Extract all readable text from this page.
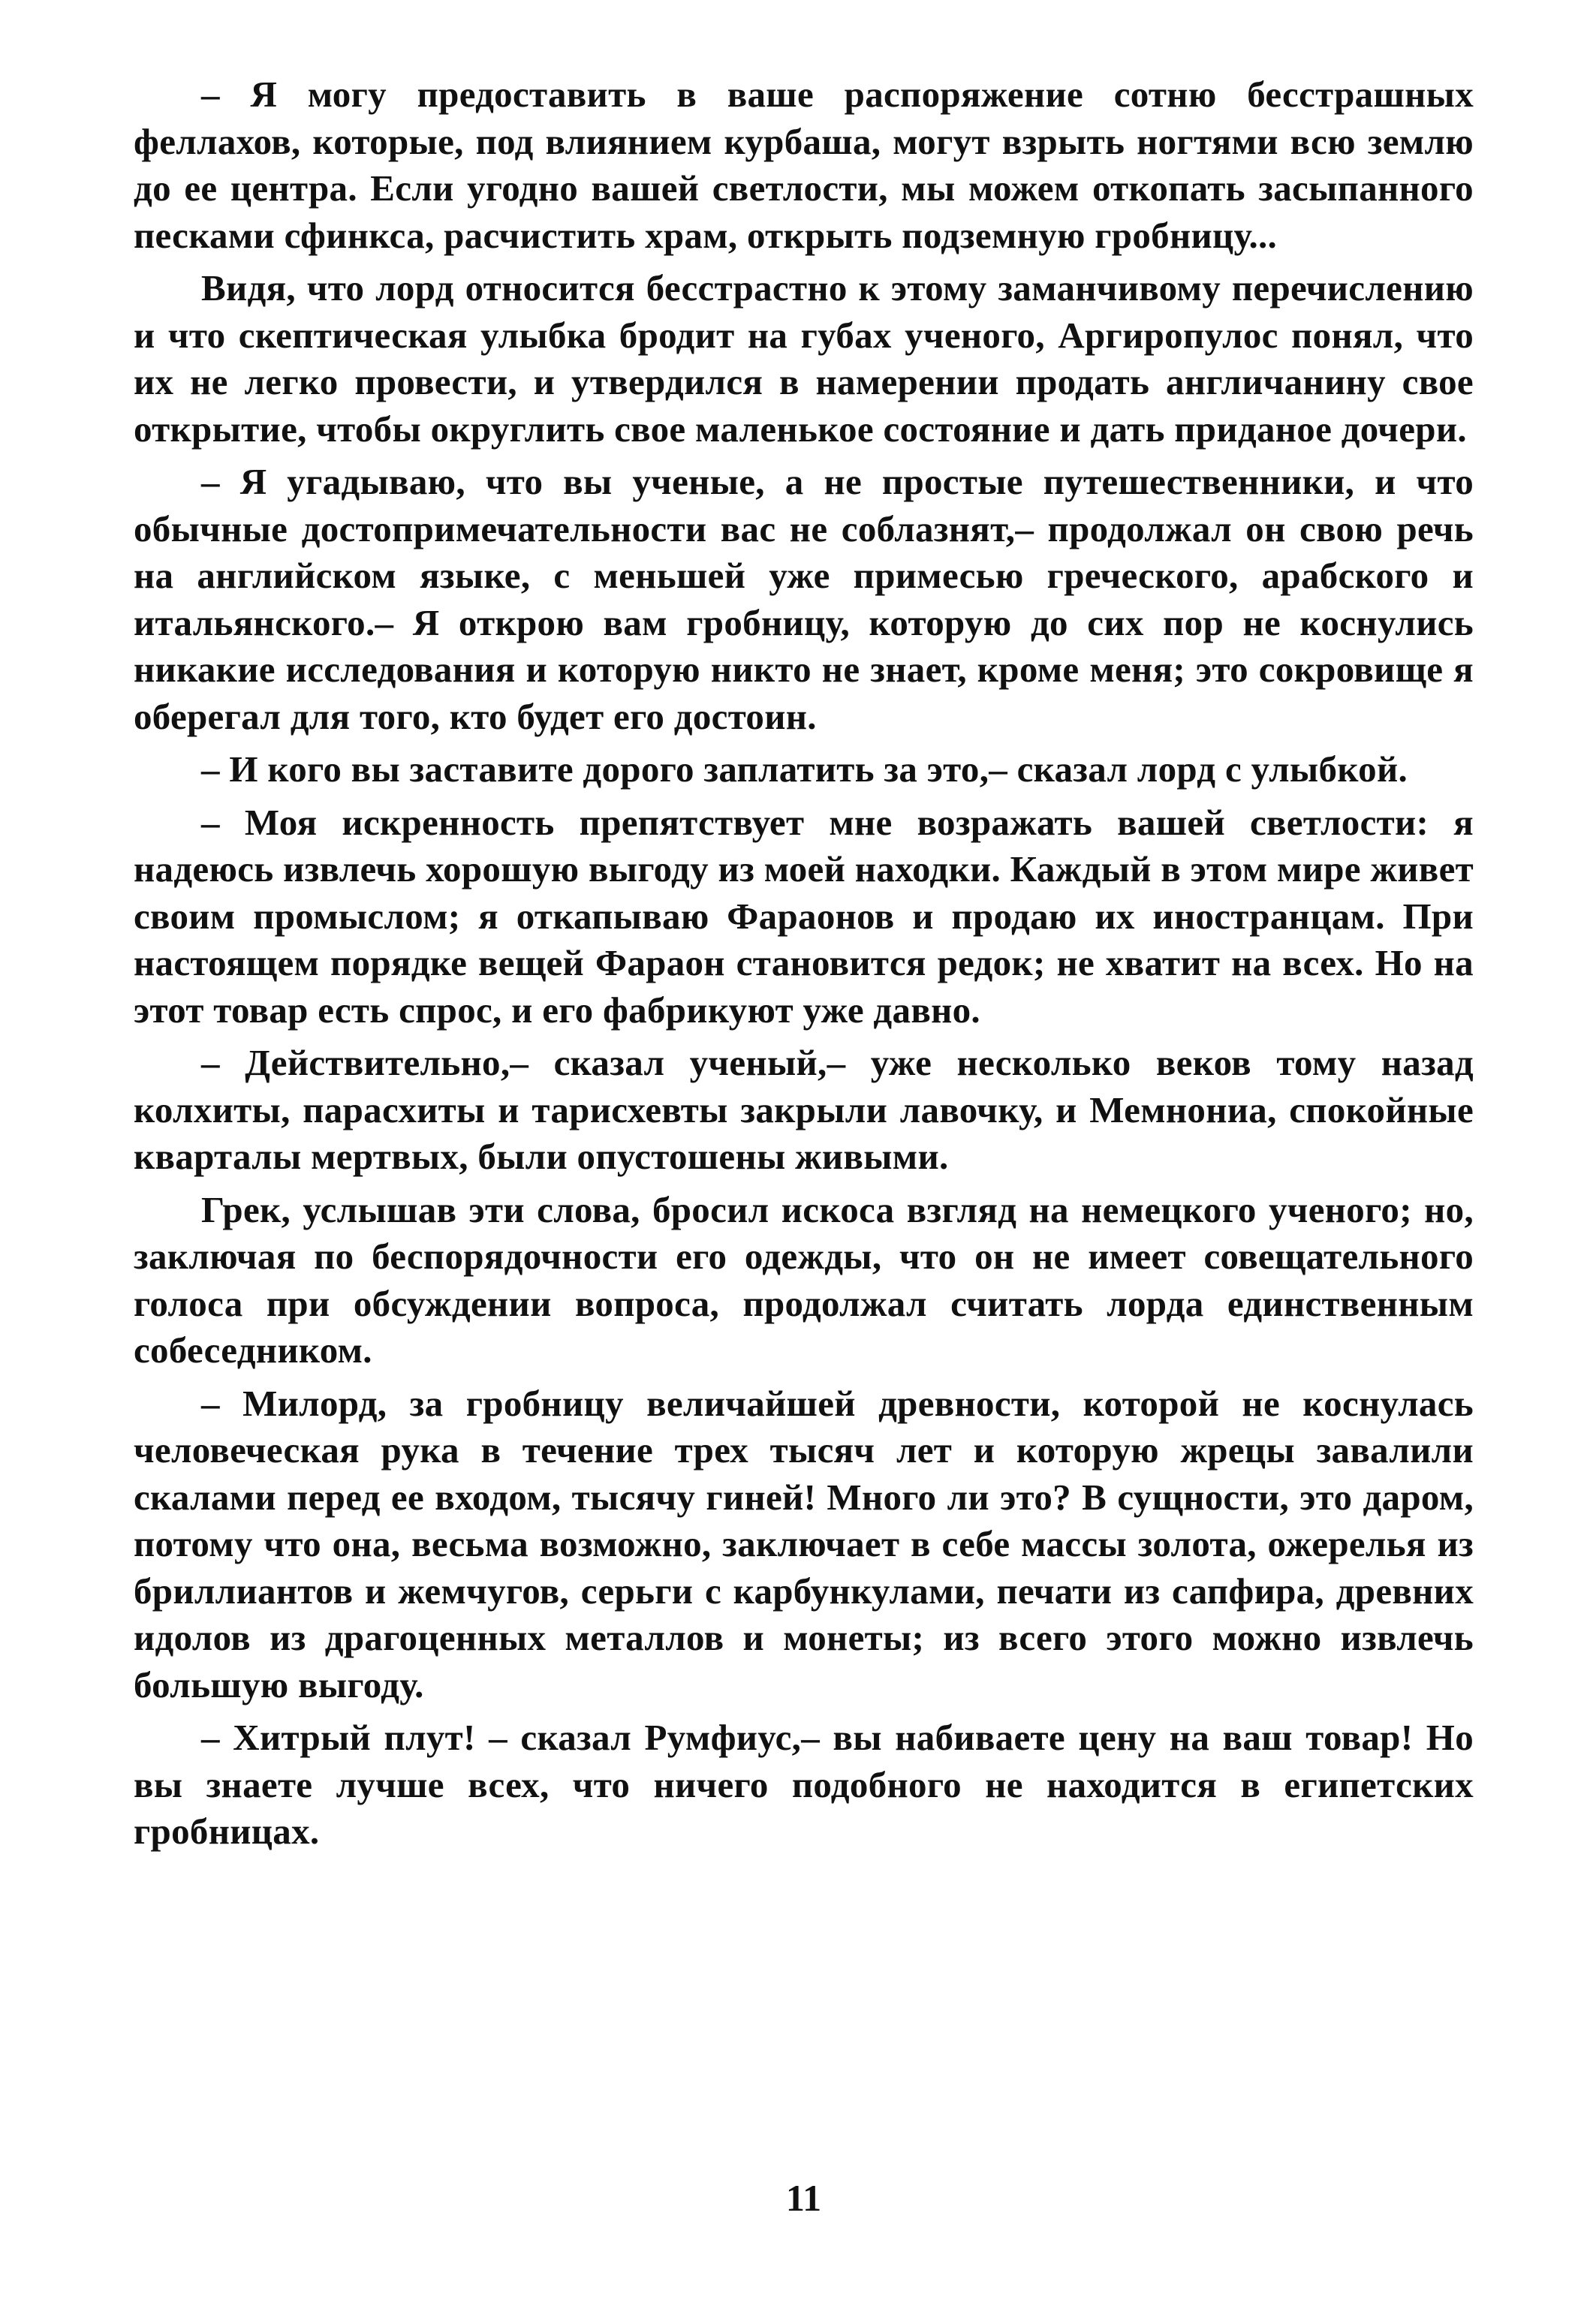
– Я могу предоставить в ваше распоряжение сотню бесстрашных феллахов, которые, под влиянием курбаша, могут взрыть ногтями всю землю до ее центра. Если угодно вашей светлости, мы можем откопать засыпанного песками сфинкса, расчистить храм, открыть подземную гробницу...

Видя, что лорд относится бесстрастно к этому заманчивому перечислению и что скептическая улыбка бродит на губах ученого, Аргиропулос понял, что их не легко провести, и утвердился в намерении продать англичанину свое открытие, чтобы округлить свое маленькое состояние и дать приданое дочери.

– Я угадываю, что вы ученые, а не простые путешественники, и что обычные достопримечательности вас не соблазнят,– продолжал он свою речь на английском языке, с меньшей уже примесью греческого, арабского и итальянского.– Я открою вам гробницу, которую до сих пор не коснулись никакие исследования и которую никто не знает, кроме меня; это сокровище я оберегал для того, кто будет его достоин.

– И кого вы заставите дорого заплатить за это,– сказал лорд с улыбкой.

– Моя искренность препятствует мне возражать вашей светлости: я надеюсь извлечь хорошую выгоду из моей находки. Каждый в этом мире живет своим промыслом; я откапываю Фараонов и продаю их иностранцам. При настоящем порядке вещей Фараон становится редок; не хватит на всех. Но на этот товар есть спрос, и его фабрикуют уже давно.

– Действительно,– сказал ученый,– уже несколько веков тому назад колхиты, парасхиты и тарисхевты закрыли лавочку, и Мемнониа, спокойные кварталы мертвых, были опустошены живыми.

Грек, услышав эти слова, бросил искоса взгляд на немецкого ученого; но, заключая по беспорядочности его одежды, что он не имеет совещательного голоса при обсуждении вопроса, продолжал считать лорда единственным собеседником.

– Милорд, за гробницу величайшей древности, которой не коснулась человеческая рука в течение трех тысяч лет и которую жрецы завалили скалами перед ее входом, тысячу гиней! Много ли это? В сущности, это даром, потому что она, весьма возможно, заключает в себе массы золота, ожерелья из бриллиантов и жемчугов, серьги с карбункулами, печати из сапфира, древних идолов из драгоценных металлов и монеты; из всего этого можно извлечь большую выгоду.

– Хитрый плут! – сказал Румфиус,– вы набиваете цену на ваш товар! Но вы знаете лучше всех, что ничего подобного не находится в египетских гробницах.

11
